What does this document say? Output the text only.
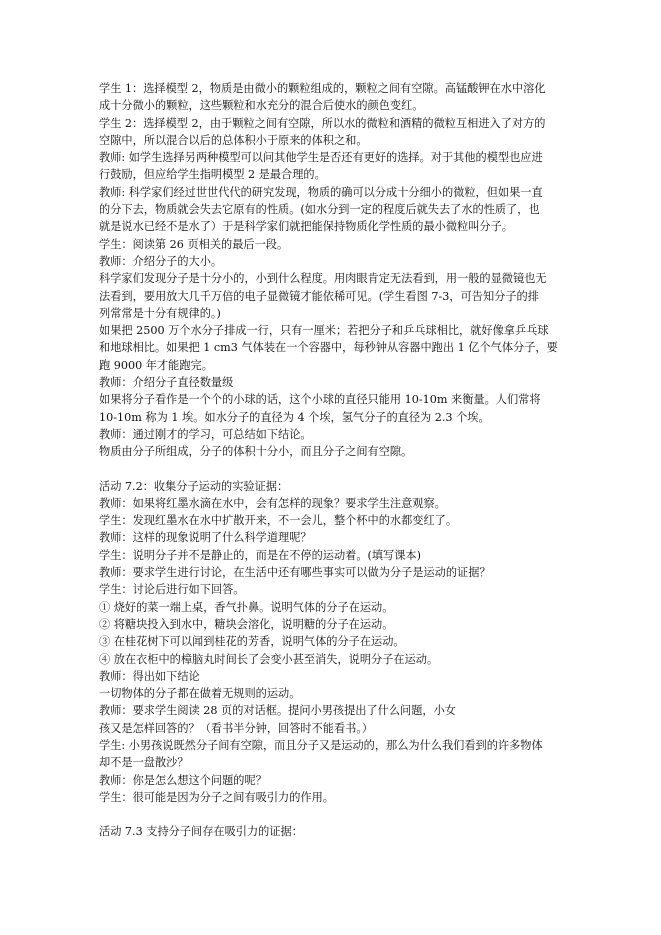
学生 1：选择模型 2，物质是由微小的颗粒组成的，颗粒之间有空隙。高锰酸钾在水中溶化
成十分微小的颗粒，这些颗粒和水充分的混合后使水的颜色变红。
学生 2：选择模型 2，由于颗粒之间有空隙，所以水的微粒和酒精的微粒互相进入了对方的
空隙中，所以混合以后的总体积小于原来的体积之和。
教师: 如学生选择另两种模型可以问其他学生是否还有更好的选择。对于其他的模型也应进
行鼓励，但应给学生指明模型 2 是最合理的。
教师: 科学家们经过世世代代的研究发现，物质的确可以分成十分细小的微粒，但如果一直
的分下去，物质就会失去它原有的性质。(如水分到一定的程度后就失去了水的性质了，也
就是说水已经不是水了）于是科学家们就把能保持物质化学性质的最小微粒叫分子。
学生：阅读第 26 页相关的最后一段。
教师：介绍分子的大小。
科学家们发现分子是十分小的，小到什么程度。用肉眼肯定无法看到，用一般的显微镜也无
法看到，要用放大几千万倍的电子显微镜才能依稀可见。(学生看图 7-3，可告知分子的排
列常常是十分有规律的。)
如果把 2500 万个水分子排成一行，只有一厘米；若把分子和乒乓球相比，就好像拿乒乓球
和地球相比。如果把 1 cm3 气体装在一个容器中，每秒钟从容器中跑出 1 亿个气体分子，要
跑 9000 年才能跑完。
教师：介绍分子直径数量级
如果将分子看作是一个个的小球的话，这个小球的直径只能用 10-10m 来衡量。人们常将
10-10m 称为 1 埃。如水分子的直径为 4 个埃，氢气分子的直径为 2.3 个埃。
教师：通过刚才的学习，可总结如下结论。
物质由分子所组成，分子的体积十分小，而且分子之间有空隙。
活动 7.2：收集分子运动的实验证据：
教师：如果将红墨水滴在水中，会有怎样的现象？要求学生注意观察。
学生：发现红墨水在水中扩散开来，不一会儿，整个杯中的水都变红了。
教师：这样的现象说明了什么科学道理呢？
学生：说明分子并不是静止的，而是在不停的运动着。(填写课本)
教师：要求学生进行讨论，在生活中还有哪些事实可以做为分子是运动的证据？
学生：讨论后进行如下回答。
① 烧好的菜一端上桌，香气扑鼻。说明气体的分子在运动。
② 将糖块投入到水中，糖块会溶化，说明糖的分子在运动。
③ 在桂花树下可以闻到桂花的芳香，说明气体的分子在运动。
④ 放在衣柜中的樟脑丸时间长了会变小甚至消失，说明分子在运动。
教师：得出如下结论
一切物体的分子都在做着无规则的运动。
教师：要求学生阅读 28 页的对话框。提问小男孩提出了什么问题，小女
孩又是怎样回答的？（看书半分钟，回答时不能看书。）
学生: 小男孩说既然分子间有空隙，而且分子又是运动的，那么为什么我们看到的许多物体
却不是一盘散沙？
教师：你是怎么想这个问题的呢？
学生：很可能是因为分子之间有吸引力的作用。
活动 7.3 支持分子间存在吸引力的证据：
